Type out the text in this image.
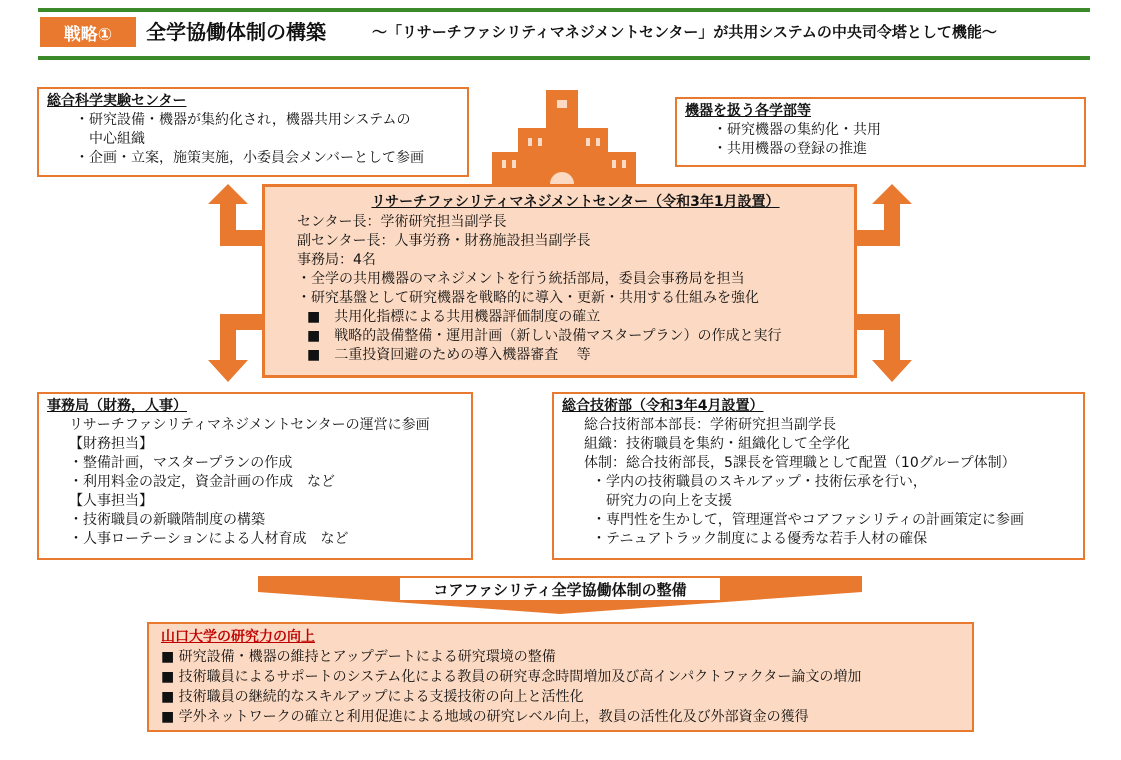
戦略①	全学協働体制の構築	～「リサーチファシリティマネジメントセンター」が共用システムの中央司令塔として機能～

総合科学実験センター

・研究設備・機器が集約化され，機器共用システムの

　中心組織

・企画・立案，施策実施，小委員会メンバーとして参画

機器を扱う各学部等

・研究機器の集約化・共用

・共用機器の登録の推進

リサーチファシリティマネジメントセンター（令和3年1月設置）

センター長：学術研究担当副学長

副センター長：人事労務・財務施設担当副学長

事務局：4名

・全学の共用機器のマネジメントを行う統括部局，委員会事務局を担当

・研究基盤として研究機器を戦略的に導入・更新・共用する仕組みを強化

■　共用化指標による共用機器評価制度の確立

■　戦略的設備整備・運用計画（新しい設備マスタープラン）の作成と実行

■　二重投資回避のための導入機器審査　 等

事務局（財務，人事）

リサーチファシリティマネジメントセンターの運営に参画

【財務担当】

・整備計画，マスタープランの作成

・利用料金の設定，資金計画の作成　など

【人事担当】

・技術職員の新職階制度の構築

・人事ローテーションによる人材育成　など

総合技術部（令和3年4月設置）

総合技術部本部長：学術研究担当副学長

組織：技術職員を集約・組織化して全学化

体制：総合技術部長，5課長を管理職として配置（10グループ体制）

・学内の技術職員のスキルアップ・技術伝承を行い，

　研究力の向上を支援

・専門性を生かして，管理運営やコアファシリティの計画策定に参画

・テニュアトラック制度による優秀な若手人材の確保

コアファシリティ全学協働体制の整備

山口大学の研究力の向上

■ 研究設備・機器の維持とアップデートによる研究環境の整備

■ 技術職員によるサポートのシステム化による教員の研究専念時間増加及び高インパクトファクター論文の増加

■ 技術職員の継続的なスキルアップによる支援技術の向上と活性化

■ 学外ネットワークの確立と利用促進による地域の研究レベル向上，教員の活性化及び外部資金の獲得
